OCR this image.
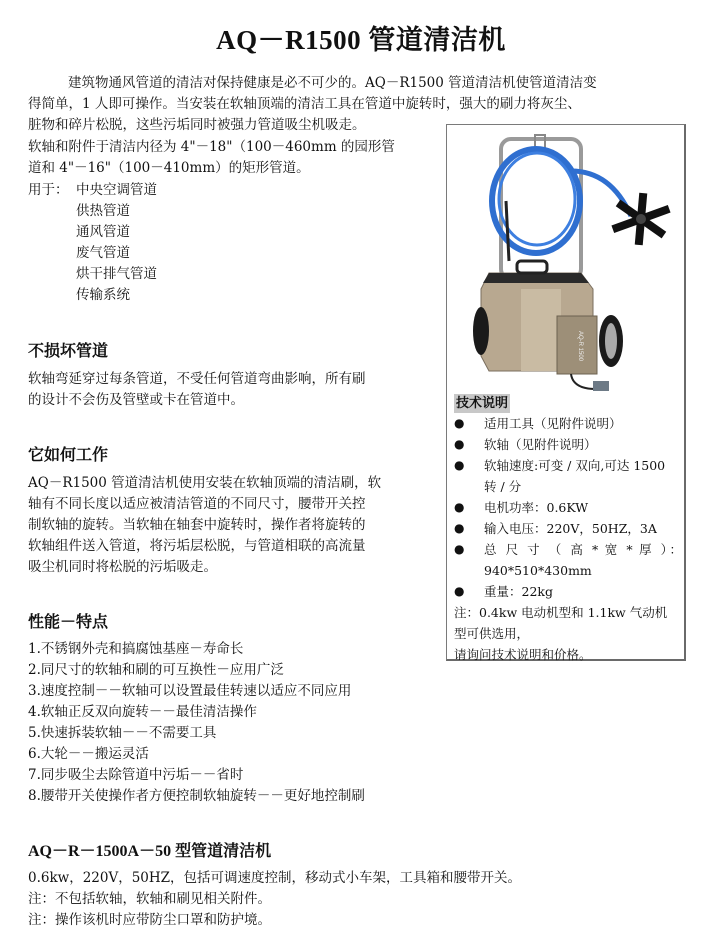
AQ－R1500 管道清洁机
建筑物通风管道的清洁对保持健康是必不可少的。AQ－R1500 管道清洁机使管道清洁变
得简单，1 人即可操作。当安装在软轴顶端的清洁工具在管道中旋转时，强大的刷力将灰尘、
脏物和碎片松脱，这些污垢同时被强力管道吸尘机吸走。
软轴和附件于清洁内径为 4"－18"（100－460mm 的园形管
道和 4"－16"（100－410mm）的矩形管道。
用于： 中央空调管道
供热管道
通风管道
废气管道
烘干排气管道
传输系统
不损坏管道
软轴弯延穿过每条管道，不受任何管道弯曲影响，所有刷
的设计不会伤及管壁或卡在管道中。
它如何工作
AQ－R1500 管道清洁机使用安装在软轴顶端的清洁刷，软
轴有不同长度以适应被清洁管道的不同尺寸，腰带开关控
制软轴的旋转。当软轴在轴套中旋转时，操作者将旋转的
软轴组件送入管道，将污垢层松脱，与管道相联的高流量
吸尘机同时将松脱的污垢吸走。
性能－特点
1.不锈钢外壳和搞腐蚀基座－寿命长
2.同尺寸的软轴和刷的可互换性－应用广泛
3.速度控制－－软轴可以设置最佳转速以适应不同应用
4.软轴正反双向旋转－－最佳清洁操作
5.快速拆装软轴－－不需要工具
6.大轮－－搬运灵活
7.同步吸尘去除管道中污垢－－省时
8.腰带开关使操作者方便控制软轴旋转－－更好地控制刷
AQ－R－1500A－50 型管道清洁机
0.6kw，220V，50HZ，包括可调速度控制，移动式小车架，工具箱和腰带开关。
注：不包括软轴，软轴和刷见相关附件。
注：操作该机时应带防尘口罩和防护境。
AQ-R 1500
技术说明
●	适用工具（见附件说明）
●	软轴（见附件说明）
●	软轴速度:可变 / 双向,可达 1500
转 / 分
●	电机功率：0.6KW
●	输入电压：220V，50HZ，3A
●	总 尺 寸 （ 高 * 宽 * 厚 ）：
940*510*430mm
●	重量：22kg
注：0.4kw 电动机型和 1.1kw 气动机
型可供选用，
请询问技术说明和价格。
